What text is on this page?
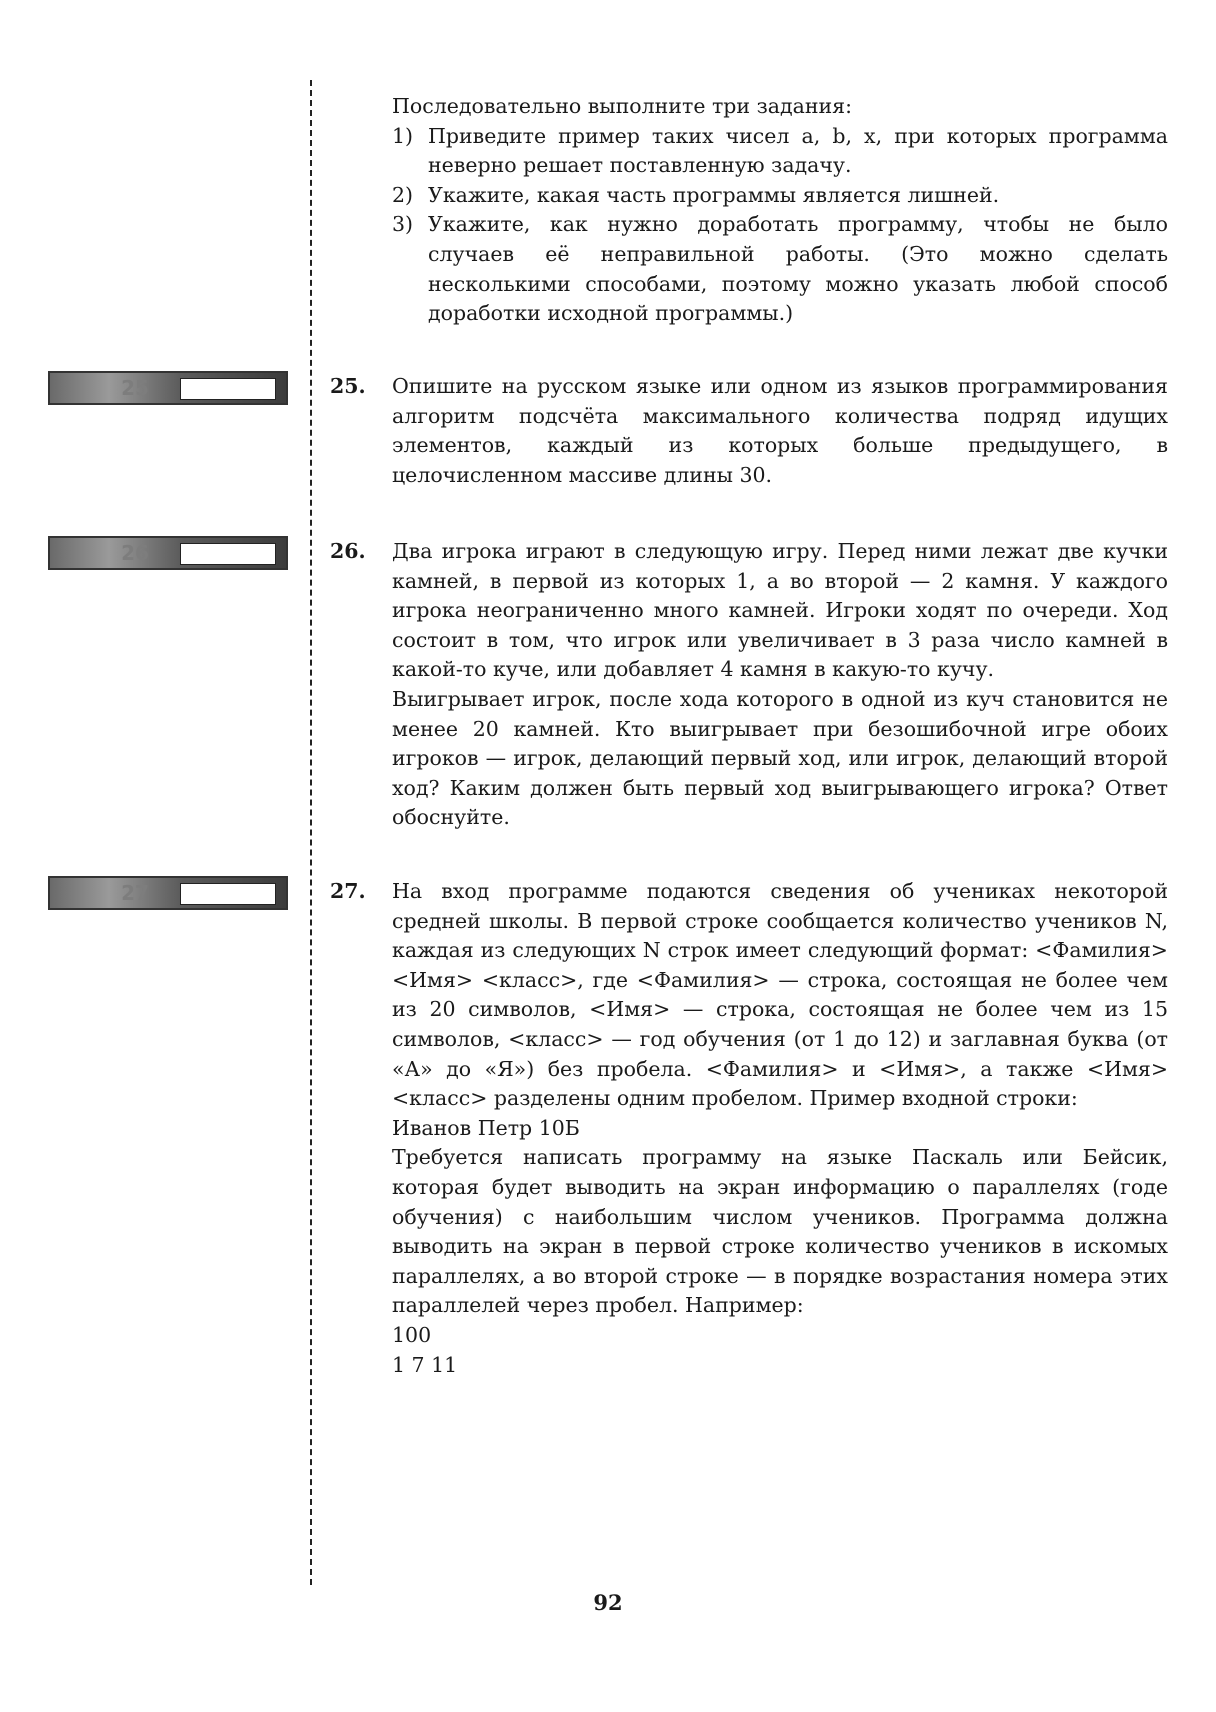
25
26
27

Последовательно выполните три задания:

1) Приведите пример таких чисел a, b, x, при которых программа неверно решает поставленную задачу.
2) Укажите, какая часть программы является лишней.
3) Укажите, как нужно доработать программу, чтобы не было случаев её неправильной работы. (Это можно сделать несколькими способами, поэтому можно указать любой способ доработки исходной программы.)
25.	Опишите на русском языке или одном из языков программирования алгоритм подсчёта максимального количества подряд идущих элементов, каждый из которых больше предыдущего, в целочисленном массиве длины 30.

26.	Два игрока играют в следующую игру. Перед ними лежат две кучки камней, в первой из которых 1, а во второй — 2 камня. У каждого игрока неограниченно много камней. Игроки ходят по очереди. Ход состоит в том, что игрок или увеличивает в 3 раза число камней в какой-то куче, или добавляет 4 камня в какую-то кучу.

Выигрывает игрок, после хода которого в одной из куч становится не менее 20 камней. Кто выигрывает при безошибочной игре обоих игроков — игрок, делающий первый ход, или игрок, делающий второй ход? Каким должен быть первый ход выигрывающего игрока? Ответ обоснуйте.

27.	На вход программе подаются сведения об учениках некоторой средней школы. В первой строке сообщается количество учеников N, каждая из следующих N строк имеет следующий формат: <Фамилия> <Имя> <класс>, где <Фамилия> — строка, состоящая не более чем из 20 символов, <Имя> — строка, состоящая не более чем из 15 символов, <класс> — год обучения (от 1 до 12) и заглавная буква (от «А» до «Я») без пробела. <Фамилия> и <Имя>, а также <Имя> <класс> разделены одним пробелом. Пример входной строки:

Иванов Петр 10Б

Требуется написать программу на языке Паскаль или Бейсик, которая будет выводить на экран информацию о параллелях (годе обучения) с наибольшим числом учеников. Программа должна выводить на экран в первой строке количество учеников в искомых параллелях, а во второй строке — в порядке возрастания номера этих параллелей через пробел. Например:

100

1 7 11

92
